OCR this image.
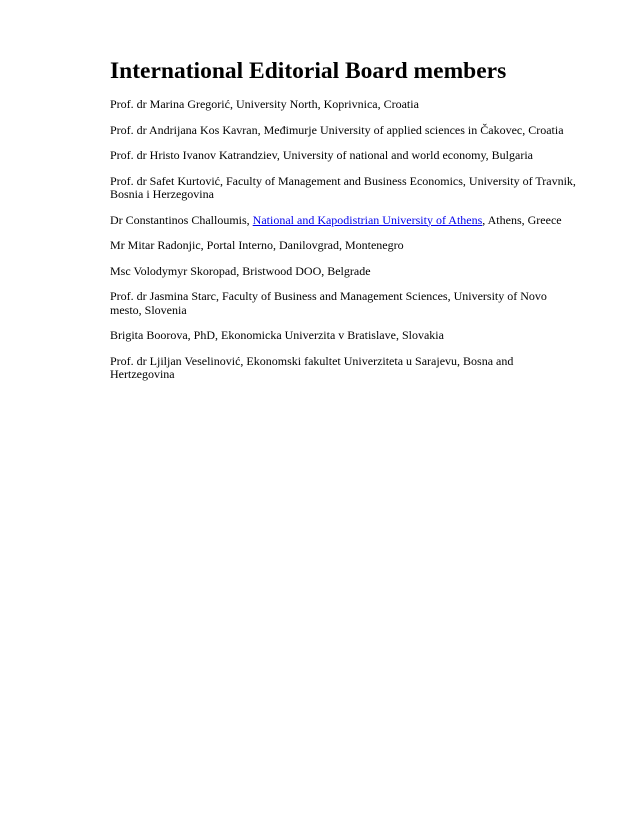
International Editorial Board members

Prof. dr Marina Gregorić, University North, Koprivnica, Croatia

Prof. dr Andrijana Kos Kavran, Međimurje University of applied sciences in Čakovec, Croatia

Prof. dr Hristo Ivanov Katrandziev, University of national and world economy, Bulgaria

Prof. dr Safet Kurtović, Faculty of Management and Business Economics, University of Travnik, Bosnia i Herzegovina

Dr Constantinos Challoumis, National and Kapodistrian University of Athens, Athens, Greece

Mr Mitar Radonjic, Portal Interno, Danilovgrad, Montenegro

Msc Volodymyr Skoropad, Bristwood DOO, Belgrade

Prof. dr Jasmina Starc, Faculty of Business and Management Sciences, University of Novo mesto, Slovenia

Brigita Boorova, PhD, Ekonomicka Univerzita v Bratislave, Slovakia

Prof. dr Ljiljan Veselinović, Ekonomski fakultet Univerziteta u Sarajevu, Bosna and Hertzegovina
